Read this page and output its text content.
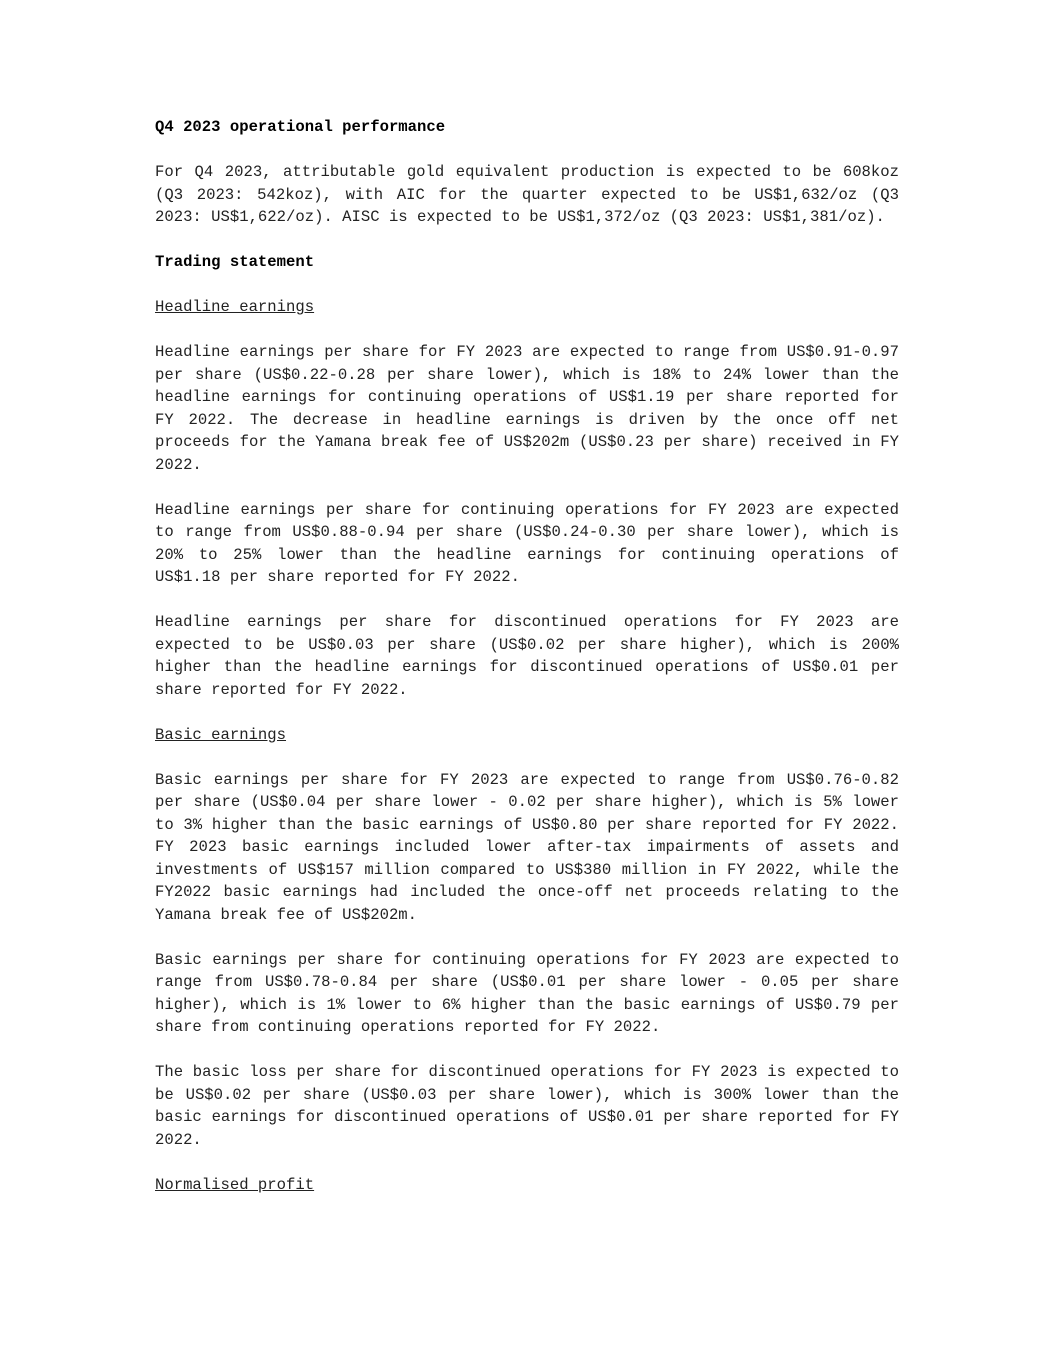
Q4 2023 operational performance
For Q4 2023, attributable gold equivalent production is expected to be 608koz (Q3 2023: 542koz), with AIC for the quarter expected to be US$1,632/oz (Q3 2023: US$1,622/oz). AISC is expected to be US$1,372/oz (Q3 2023: US$1,381/oz).
Trading statement
Headline earnings
Headline earnings per share for FY 2023 are expected to range from US$0.91-0.97 per share (US$0.22-0.28 per share lower), which is 18% to 24% lower than the headline earnings for continuing operations of US$1.19 per share reported for FY 2022. The decrease in headline earnings is driven by the once off net proceeds for the Yamana break fee of US$202m (US$0.23 per share) received in FY 2022.
Headline earnings per share for continuing operations for FY 2023 are expected to range from US$0.88-0.94 per share (US$0.24-0.30 per share lower), which is 20% to 25% lower than the headline earnings for continuing operations of US$1.18 per share reported for FY 2022.
Headline earnings per share for discontinued operations for FY 2023 are expected to be US$0.03 per share (US$0.02 per share higher), which is 200% higher than the headline earnings for discontinued operations of US$0.01 per share reported for FY 2022.
Basic earnings
Basic earnings per share for FY 2023 are expected to range from US$0.76-0.82 per share (US$0.04 per share lower - 0.02 per share higher), which is 5% lower to 3% higher than the basic earnings of US$0.80 per share reported for FY 2022. FY 2023 basic earnings included lower after-tax impairments of assets and investments of US$157 million compared to US$380 million in FY 2022, while the FY2022 basic earnings had included the once-off net proceeds relating to the Yamana break fee of US$202m.
Basic earnings per share for continuing operations for FY 2023 are expected to range from US$0.78-0.84 per share (US$0.01 per share lower - 0.05 per share higher), which is 1% lower to 6% higher than the basic earnings of US$0.79 per share from continuing operations reported for FY 2022.
The basic loss per share for discontinued operations for FY 2023 is expected to be US$0.02 per share (US$0.03 per share lower), which is 300% lower than the basic earnings for discontinued operations of US$0.01 per share reported for FY 2022.
Normalised profit
